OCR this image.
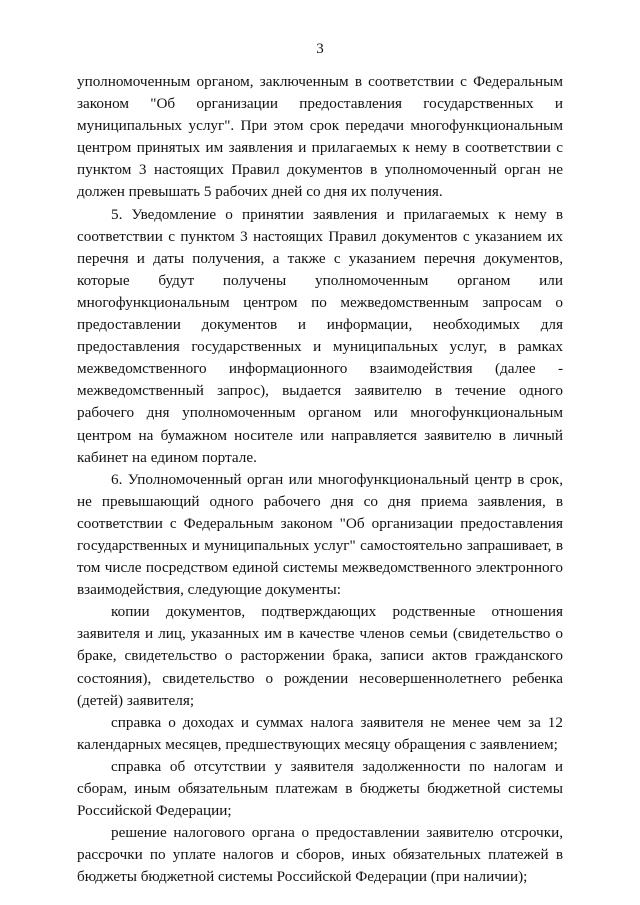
3

уполномоченным органом, заключенным в соответствии с Федеральным законом "Об организации предоставления государственных и муниципальных услуг". При этом срок передачи многофункциональным центром принятых им заявления и прилагаемых к нему в соответствии с пунктом 3 настоящих Правил документов в уполномоченный орган не должен превышать 5 рабочих дней со дня их получения.

5. Уведомление о принятии заявления и прилагаемых к нему в соответствии с пунктом 3 настоящих Правил документов с указанием их перечня и даты получения, а также с указанием перечня документов, которые будут получены уполномоченным органом или многофункциональным центром по межведомственным запросам о предоставлении документов и информации, необходимых для предоставления государственных и муниципальных услуг, в рамках межведомственного информационного взаимодействия (далее - межведомственный запрос), выдается заявителю в течение одного рабочего дня уполномоченным органом или многофункциональным центром на бумажном носителе или направляется заявителю в личный кабинет на едином портале.

6. Уполномоченный орган или многофункциональный центр в срок, не превышающий одного рабочего дня со дня приема заявления, в соответствии с Федеральным законом "Об организации предоставления государственных и муниципальных услуг" самостоятельно запрашивает, в том числе посредством единой системы межведомственного электронного взаимодействия, следующие документы:

копии документов, подтверждающих родственные отношения заявителя и лиц, указанных им в качестве членов семьи (свидетельство о браке, свидетельство о расторжении брака, записи актов гражданского состояния), свидетельство о рождении несовершеннолетнего ребенка (детей) заявителя;

справка о доходах и суммах налога заявителя не менее чем за 12 календарных месяцев, предшествующих месяцу обращения с заявлением;

справка об отсутствии у заявителя задолженности по налогам и сборам, иным обязательным платежам в бюджеты бюджетной системы Российской Федерации;

решение налогового органа о предоставлении заявителю отсрочки, рассрочки по уплате налогов и сборов, иных обязательных платежей в бюджеты бюджетной системы Российской Федерации (при наличии);
